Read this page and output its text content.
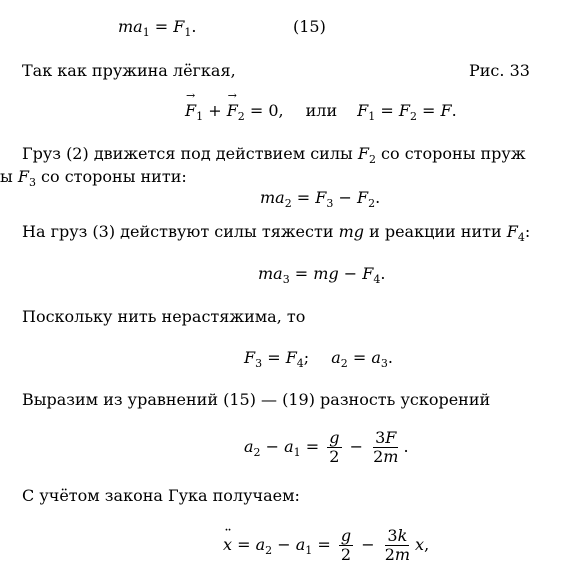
$ma_1 = F_1$.	(15)
Так как пружина лёгкая,	Рис. 33
→ $F_1$ + → $F_2 = 0$, или $F_1 = F_2 = F$.
Груз (2) движется под действием силы $F_2$ со стороны пруж
ы $F_3$ со стороны нити:
$ma_2 = F_3 - F_2$.
На груз (3) действуют силы тяжести mg и реакции нити $F_4$:
$ma_3$ = mg − $F_4$.
Поскольку нить нерастяжима, то
$F_3 = F_4$; $a_2 = a_3$.
Выразим из уравнений (15) — (19) разность ускорений
$a_2 - a_1 = \frac{g}{2} - \frac{3F}{2m}$ .
С учётом закона Гука получаем:
¨ $x = a_2 - a_1 = \frac{g}{2} - \frac{3k}{2m} x$,
